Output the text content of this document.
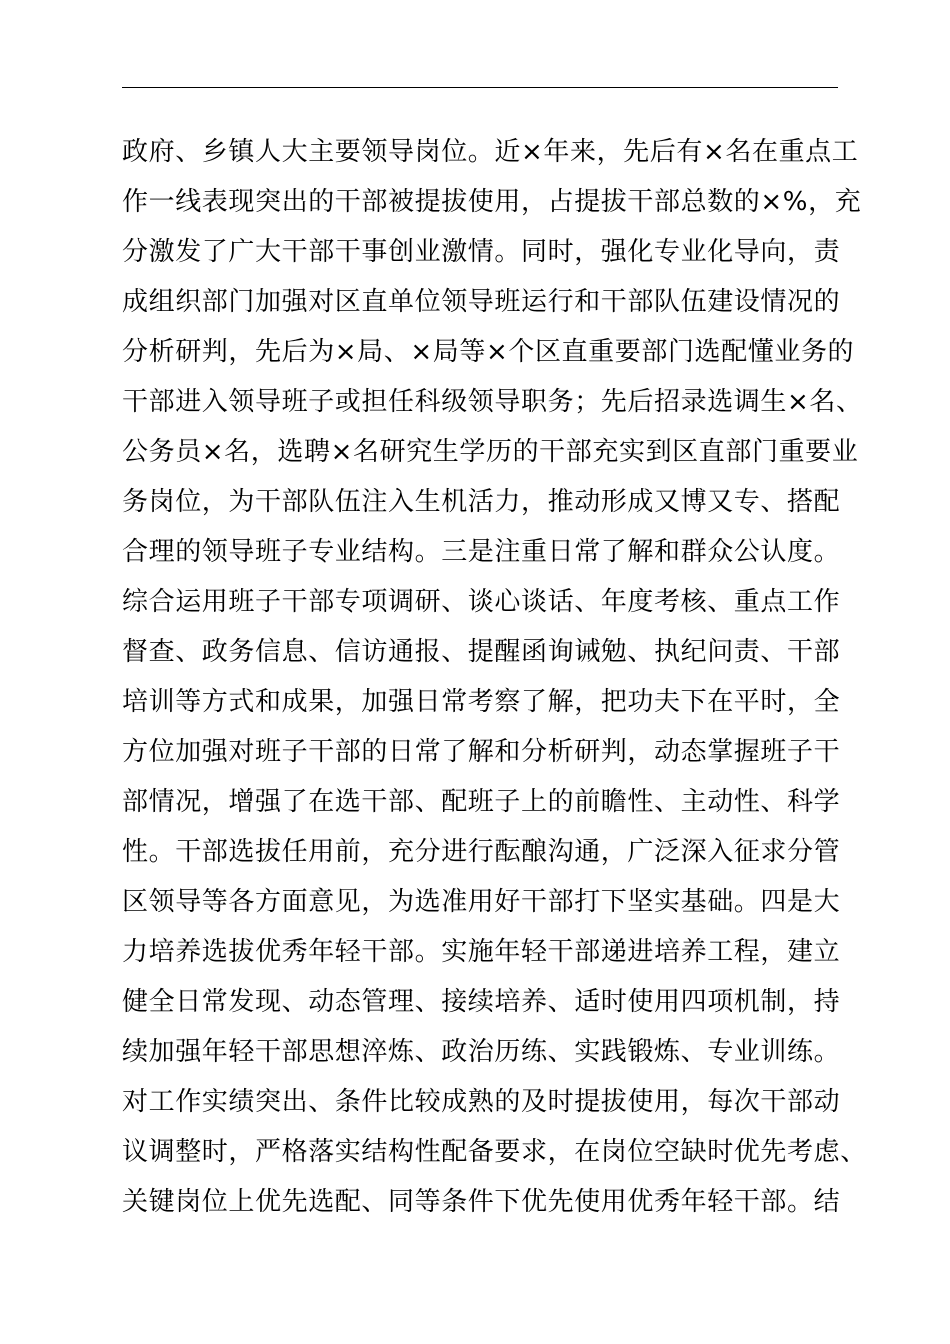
政府、乡镇人大主要领导岗位。近×年来，先后有×名在重点工
作一线表现突出的干部被提拔使用，占提拔干部总数的×%，充
分激发了广大干部干事创业激情。同时，强化专业化导向，责
成组织部门加强对区直单位领导班运行和干部队伍建设情况的
分析研判，先后为×局、×局等×个区直重要部门选配懂业务的
干部进入领导班子或担任科级领导职务；先后招录选调生×名、
公务员×名，选聘×名研究生学历的干部充实到区直部门重要业
务岗位，为干部队伍注入生机活力，推动形成又博又专、搭配
合理的领导班子专业结构。三是注重日常了解和群众公认度。
综合运用班子干部专项调研、谈心谈话、年度考核、重点工作
督查、政务信息、信访通报、提醒函询诫勉、执纪问责、干部
培训等方式和成果，加强日常考察了解，把功夫下在平时，全
方位加强对班子干部的日常了解和分析研判，动态掌握班子干
部情况，增强了在选干部、配班子上的前瞻性、主动性、科学
性。干部选拔任用前，充分进行酝酿沟通，广泛深入征求分管
区领导等各方面意见，为选准用好干部打下坚实基础。四是大
力培养选拔优秀年轻干部。实施年轻干部递进培养工程，建立
健全日常发现、动态管理、接续培养、适时使用四项机制，持
续加强年轻干部思想淬炼、政治历练、实践锻炼、专业训练。
对工作实绩突出、条件比较成熟的及时提拔使用，每次干部动
议调整时，严格落实结构性配备要求，在岗位空缺时优先考虑、
关键岗位上优先选配、同等条件下优先使用优秀年轻干部。结
